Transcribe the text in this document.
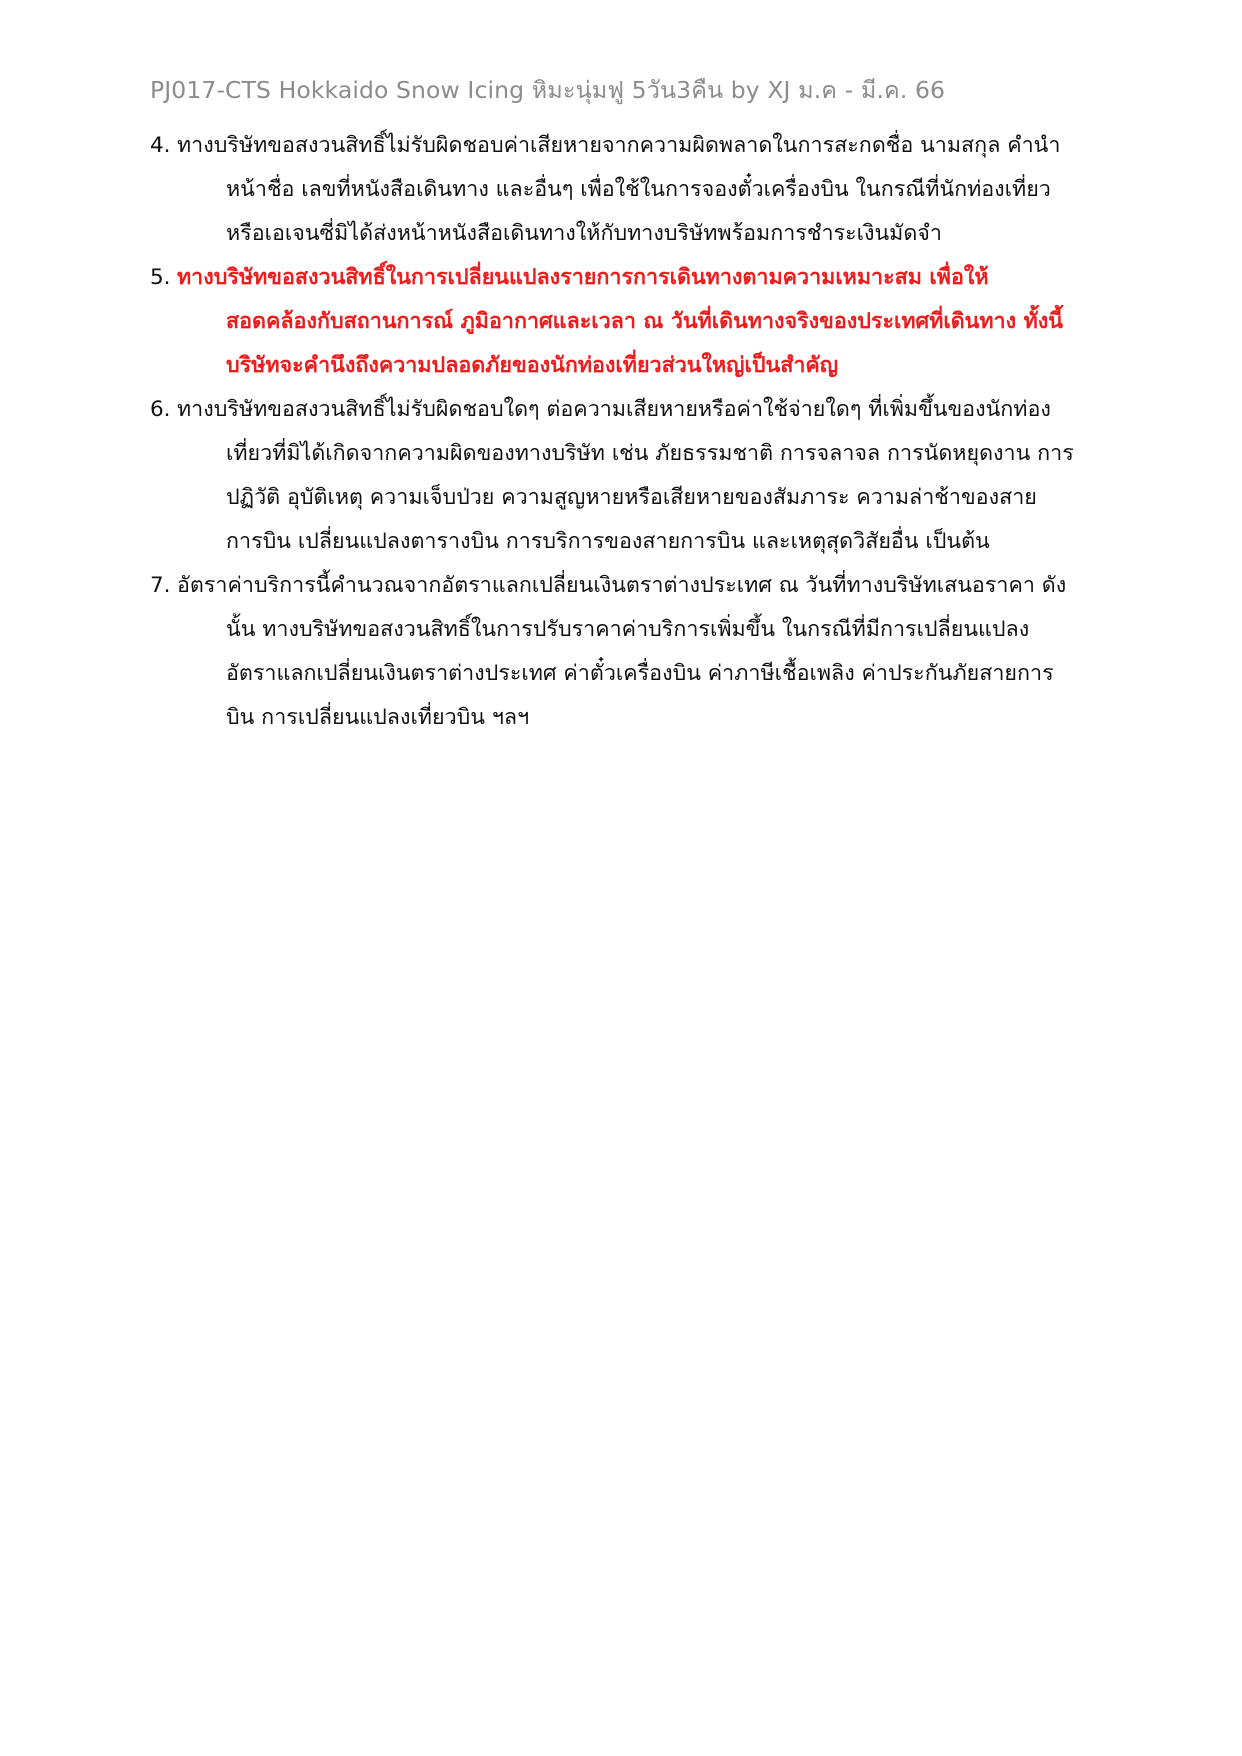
PJ017-CTS Hokkaido Snow Icing หิมะนุ่มฟู 5วัน3คืน by XJ ม.ค - มี.ค. 66
4. ทางบริษัทขอสงวนสิทธิ์ไม่รับผิดชอบค่าเสียหายจากความผิดพลาดในการสะกดชื่อ นามสกุล คำนำ
หน้าชื่อ เลขที่หนังสือเดินทาง และอื่นๆ เพื่อใช้ในการจองตั๋วเครื่องบิน ในกรณีที่นักท่องเที่ยว
หรือเอเจนซี่มิได้ส่งหน้าหนังสือเดินทางให้กับทางบริษัทพร้อมการชำระเงินมัดจำ
5. ทางบริษัทขอสงวนสิทธิ์ในการเปลี่ยนแปลงรายการการเดินทางตามความเหมาะสม เพื่อให้
สอดคล้องกับสถานการณ์ ภูมิอากาศและเวลา ณ วันที่เดินทางจริงของประเทศที่เดินทาง ทั้งนี้
บริษัทจะคำนึงถึงความปลอดภัยของนักท่องเที่ยวส่วนใหญ่เป็นสำคัญ
6. ทางบริษัทขอสงวนสิทธิ์ไม่รับผิดชอบใดๆ ต่อความเสียหายหรือค่าใช้จ่ายใดๆ ที่เพิ่มขึ้นของนักท่อง
เที่ยวที่มิได้เกิดจากความผิดของทางบริษัท เช่น ภัยธรรมชาติ การจลาจล การนัดหยุดงาน การ
ปฏิวัติ อุบัติเหตุ ความเจ็บป่วย ความสูญหายหรือเสียหายของสัมภาระ ความล่าช้าของสาย
การบิน เปลี่ยนแปลงตารางบิน การบริการของสายการบิน และเหตุสุดวิสัยอื่น เป็นต้น
7. อัตราค่าบริการนี้คำนวณจากอัตราแลกเปลี่ยนเงินตราต่างประเทศ ณ วันที่ทางบริษัทเสนอราคา ดัง
นั้น ทางบริษัทขอสงวนสิทธิ์ในการปรับราคาค่าบริการเพิ่มขึ้น ในกรณีที่มีการเปลี่ยนแปลง
อัตราแลกเปลี่ยนเงินตราต่างประเทศ ค่าตั๋วเครื่องบิน ค่าภาษีเชื้อเพลิง ค่าประกันภัยสายการ
บิน การเปลี่ยนแปลงเที่ยวบิน ฯลฯ
